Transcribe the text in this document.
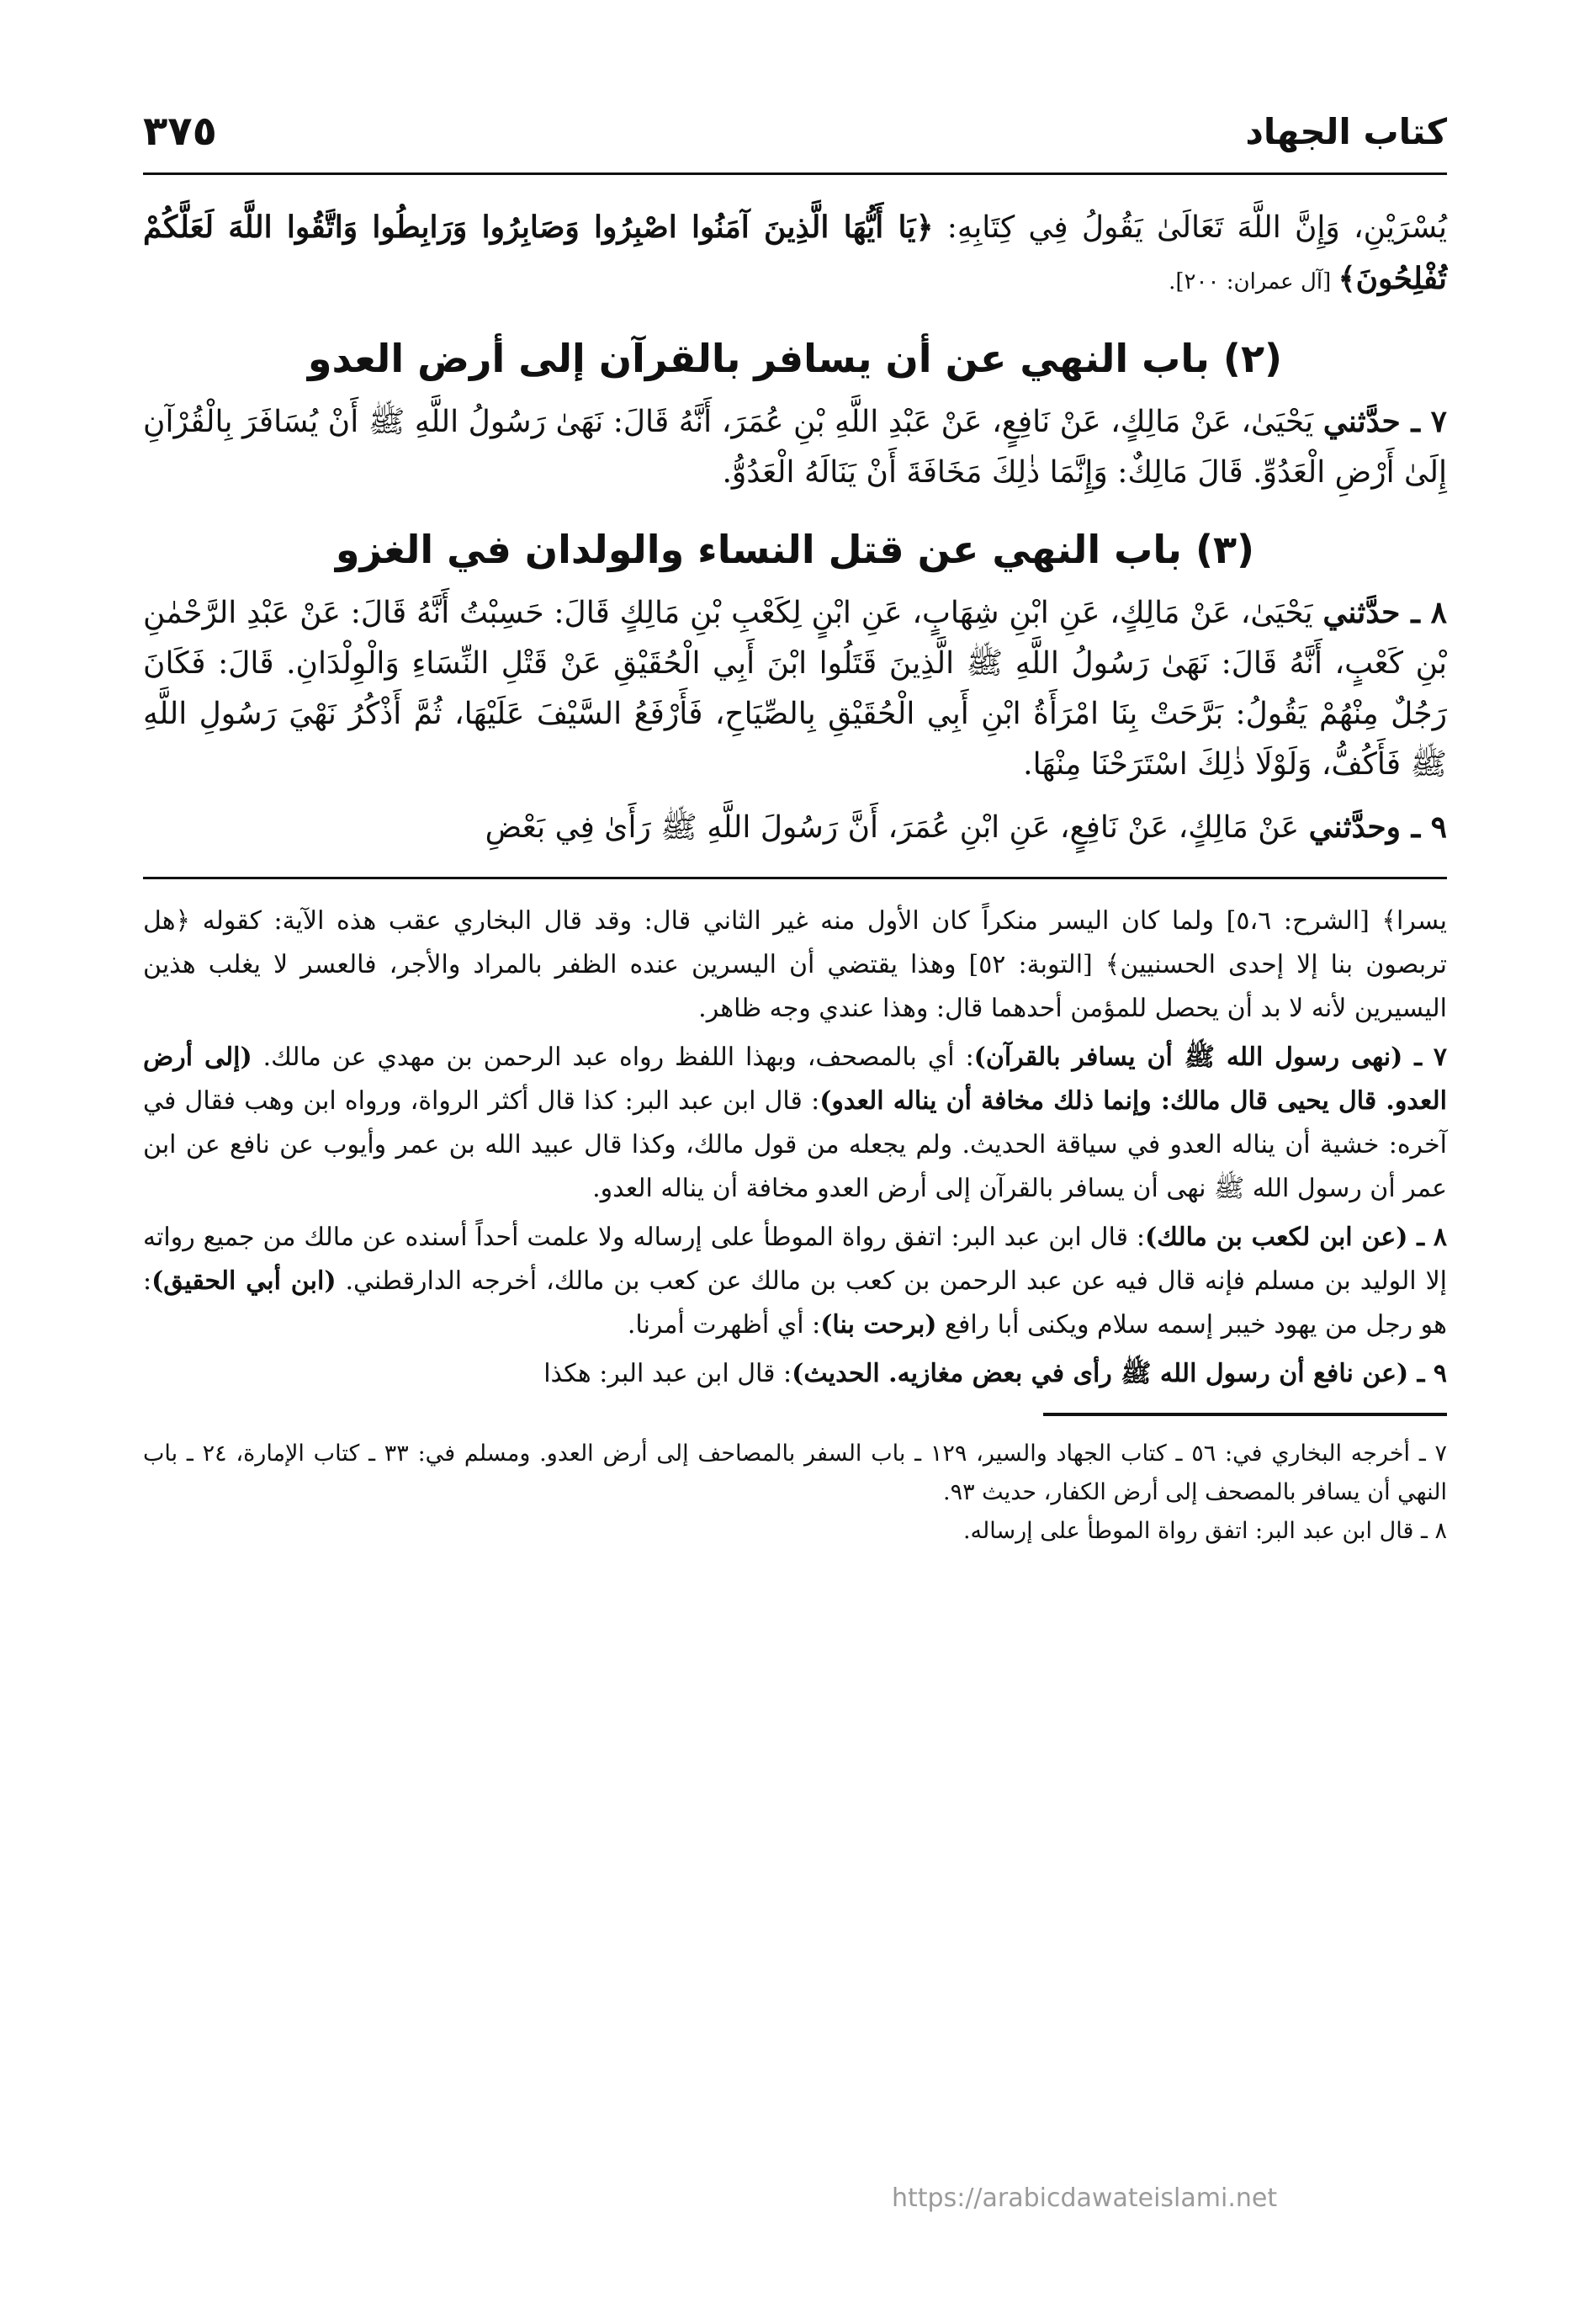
٣٧٥	كتاب الجهاد

يُسْرَيْنِ، وَإِنَّ اللَّهَ تَعَالَىٰ يَقُولُ فِي كِتَابِهِ: ﴿يَا أَيُّهَا الَّذِينَ آمَنُوا اصْبِرُوا وَصَابِرُوا وَرَابِطُوا وَاتَّقُوا اللَّهَ لَعَلَّكُمْ تُفْلِحُونَ﴾ [آل عمران: ٢٠٠].

(٢) باب النهي عن أن يسافر بالقرآن إلى أرض العدو

٧ ـ حدَّثني يَحْيَىٰ، عَنْ مَالِكٍ، عَنْ نَافِعٍ، عَنْ عَبْدِ اللَّهِ بْنِ عُمَرَ، أَنَّهُ قَالَ: نَهَىٰ رَسُولُ اللَّهِ ﷺ أَنْ يُسَافَرَ بِالْقُرْآنِ إِلَىٰ أَرْضِ الْعَدُوِّ. قَالَ مَالِكٌ: وَإِنَّمَا ذٰلِكَ مَخَافَةَ أَنْ يَنَالَهُ الْعَدُوُّ.

(٣) باب النهي عن قتل النساء والولدان في الغزو

٨ ـ حدَّثني يَحْيَىٰ، عَنْ مَالِكٍ، عَنِ ابْنِ شِهَابٍ، عَنِ ابْنٍ لِكَعْبِ بْنِ مَالِكٍ قَالَ: حَسِبْتُ أَنَّهُ قَالَ: عَنْ عَبْدِ الرَّحْمٰنِ بْنِ كَعْبٍ، أَنَّهُ قَالَ: نَهَىٰ رَسُولُ اللَّهِ ﷺ الَّذِينَ قَتَلُوا ابْنَ أَبِي الْحُقَيْقِ عَنْ قَتْلِ النِّسَاءِ وَالْوِلْدَانِ. قَالَ: فَكَانَ رَجُلٌ مِنْهُمْ يَقُولُ: بَرَّحَتْ بِنَا امْرَأَةُ ابْنِ أَبِي الْحُقَيْقِ بِالصِّيَاحِ، فَأَرْفَعُ السَّيْفَ عَلَيْهَا، ثُمَّ أَذْكُرُ نَهْيَ رَسُولِ اللَّهِ ﷺ فَأَكُفُّ، وَلَوْلَا ذٰلِكَ اسْتَرَحْنَا مِنْهَا.

٩ ـ وحدَّثني عَنْ مَالِكٍ، عَنْ نَافِعٍ، عَنِ ابْنِ عُمَرَ، أَنَّ رَسُولَ اللَّهِ ﷺ رَأَىٰ فِي بَعْضِ

يسرا﴾ [الشرح: ٥،٦] ولما كان اليسر منكراً كان الأول منه غير الثاني قال: وقد قال البخاري عقب هذه الآية: كقوله ﴿هل تربصون بنا إلا إحدى الحسنيين﴾ [التوبة: ٥٢] وهذا يقتضي أن اليسرين عنده الظفر بالمراد والأجر، فالعسر لا يغلب هذين اليسيرين لأنه لا بد أن يحصل للمؤمن أحدهما قال: وهذا عندي وجه ظاهر.

٧ ـ (نهى رسول الله ﷺ أن يسافر بالقرآن): أي بالمصحف، وبهذا اللفظ رواه عبد الرحمن بن مهدي عن مالك. (إلى أرض العدو. قال يحيى قال مالك: وإنما ذلك مخافة أن يناله العدو): قال ابن عبد البر: كذا قال أكثر الرواة، ورواه ابن وهب فقال في آخره: خشية أن يناله العدو في سياقة الحديث. ولم يجعله من قول مالك، وكذا قال عبيد الله بن عمر وأيوب عن نافع عن ابن عمر أن رسول الله ﷺ نهى أن يسافر بالقرآن إلى أرض العدو مخافة أن يناله العدو.

٨ ـ (عن ابن لكعب بن مالك): قال ابن عبد البر: اتفق رواة الموطأ على إرساله ولا علمت أحداً أسنده عن مالك من جميع رواته إلا الوليد بن مسلم فإنه قال فيه عن عبد الرحمن بن كعب بن مالك عن كعب بن مالك، أخرجه الدارقطني. (ابن أبي الحقيق): هو رجل من يهود خيبر إسمه سلام ويكنى أبا رافع (برحت بنا): أي أظهرت أمرنا.

٩ ـ (عن نافع أن رسول الله ﷺ رأى في بعض مغازيه. الحديث): قال ابن عبد البر: هكذا

٧ ـ أخرجه البخاري في: ٥٦ ـ كتاب الجهاد والسير، ١٢٩ ـ باب السفر بالمصاحف إلى أرض العدو. ومسلم في: ٣٣ ـ كتاب الإمارة، ٢٤ ـ باب النهي أن يسافر بالمصحف إلى أرض الكفار، حديث ٩٣.

٨ ـ قال ابن عبد البر: اتفق رواة الموطأ على إرساله.

https://arabicdawateislami.net
